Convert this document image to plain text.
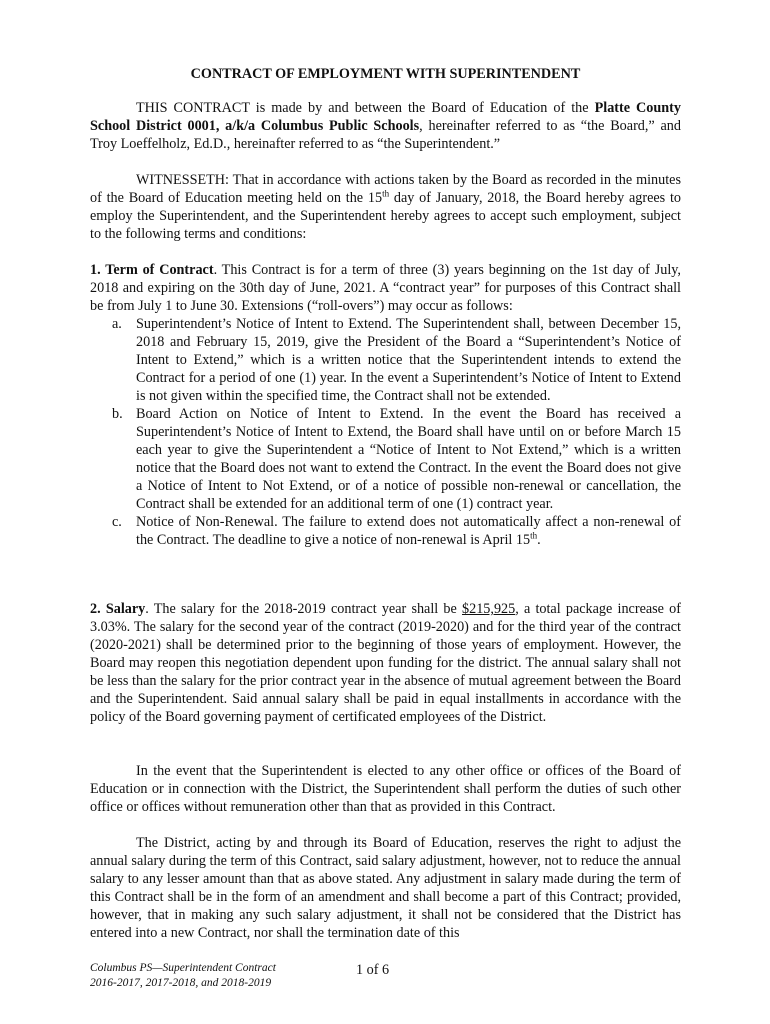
CONTRACT OF EMPLOYMENT WITH SUPERINTENDENT

THIS CONTRACT is made by and between the Board of Education of the Platte County School District 0001, a/k/a Columbus Public Schools, hereinafter referred to as “the Board,” and Troy Loeffelholz, Ed.D., hereinafter referred to as “the Superintendent.”

WITNESSETH: That in accordance with actions taken by the Board as recorded in the minutes of the Board of Education meeting held on the 15th day of January, 2018, the Board hereby agrees to employ the Superintendent, and the Superintendent hereby agrees to accept such employment, subject to the following terms and conditions:

1. Term of Contract. This Contract is for a term of three (3) years beginning on the 1st day of July, 2018 and expiring on the 30th day of June, 2021. A “contract year” for purposes of this Contract shall be from July 1 to June 30. Extensions (“roll-overs”) may occur as follows:

a. Superintendent’s Notice of Intent to Extend. The Superintendent shall, between December 15, 2018 and February 15, 2019, give the President of the Board a “Superintendent’s Notice of Intent to Extend,” which is a written notice that the Superintendent intends to extend the Contract for a period of one (1) year. In the event a Superintendent’s Notice of Intent to Extend is not given within the specified time, the Contract shall not be extended.
b. Board Action on Notice of Intent to Extend. In the event the Board has received a Superintendent’s Notice of Intent to Extend, the Board shall have until on or before March 15 each year to give the Superintendent a “Notice of Intent to Not Extend,” which is a written notice that the Board does not want to extend the Contract. In the event the Board does not give a Notice of Intent to Not Extend, or of a notice of possible non-renewal or cancellation, the Contract shall be extended for an additional term of one (1) contract year.
c. Notice of Non-Renewal. The failure to extend does not automatically affect a non-renewal of the Contract. The deadline to give a notice of non-renewal is April 15th.

2. Salary. The salary for the 2018-2019 contract year shall be $215,925, a total package increase of 3.03%. The salary for the second year of the contract (2019-2020) and for the third year of the contract (2020-2021) shall be determined prior to the beginning of those years of employment. However, the Board may reopen this negotiation dependent upon funding for the district. The annual salary shall not be less than the salary for the prior contract year in the absence of mutual agreement between the Board and the Superintendent. Said annual salary shall be paid in equal installments in accordance with the policy of the Board governing payment of certificated employees of the District.

In the event that the Superintendent is elected to any other office or offices of the Board of Education or in connection with the District, the Superintendent shall perform the duties of such other office or offices without remuneration other than that as provided in this Contract.

The District, acting by and through its Board of Education, reserves the right to adjust the annual salary during the term of this Contract, said salary adjustment, however, not to reduce the annual salary to any lesser amount than that as above stated. Any adjustment in salary made during the term of this Contract shall be in the form of an amendment and shall become a part of this Contract; provided, however, that in making any such salary adjustment, it shall not be considered that the District has entered into a new Contract, nor shall the termination date of this

Columbus PS—Superintendent Contract
2016-2017, 2017-2018, and 2018-2019
1 of 6
